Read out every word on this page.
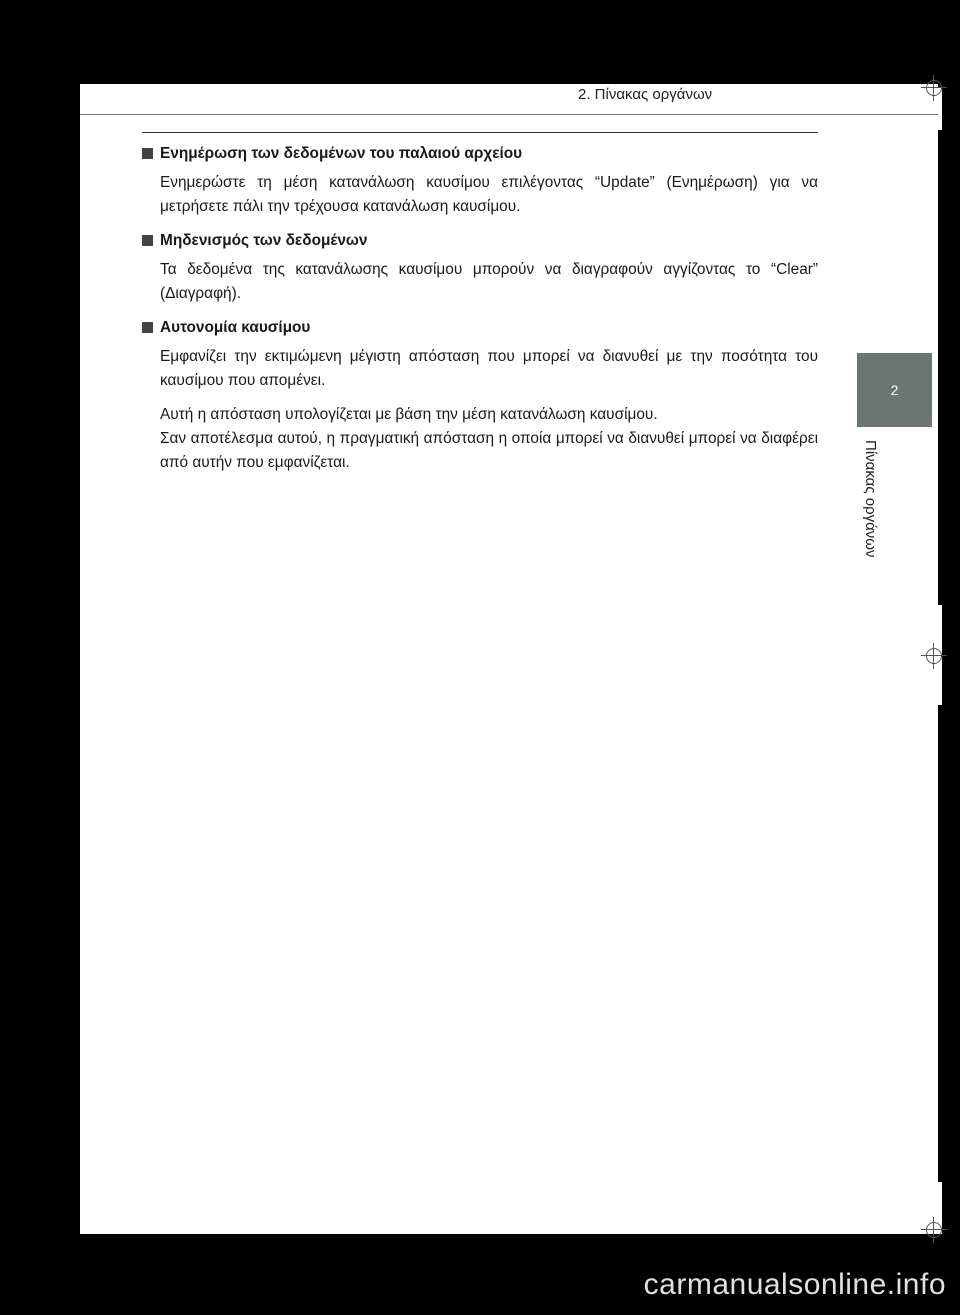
2. Πίνακας οργάνων
Ενημέρωση των δεδομένων του παλαιού αρχείου

Ενημερώστε τη μέση κατανάλωση καυσίμου επιλέγοντας “Update” (Ενημέρωση) για να μετρήσετε πάλι την τρέχουσα κατανάλωση καυσίμου.

Μηδενισμός των δεδομένων

Τα δεδομένα της κατανάλωσης καυσίμου μπορούν να διαγραφούν αγγίζοντας το “Clear” (Διαγραφή).

Αυτονομία καυσίμου

Εμφανίζει την εκτιμώμενη μέγιστη απόσταση που μπορεί να διανυθεί με την ποσότητα του καυσίμου που απομένει.

Αυτή η απόσταση υπολογίζεται με βάση την μέση κατανάλωση καυσίμου.

Σαν αποτέλεσμα αυτού, η πραγματική απόσταση η οποία μπορεί να διανυθεί μπορεί να διαφέρει από αυτήν που εμφανίζεται.

2
Πίνακας οργάνων
carmanualsonline.info
